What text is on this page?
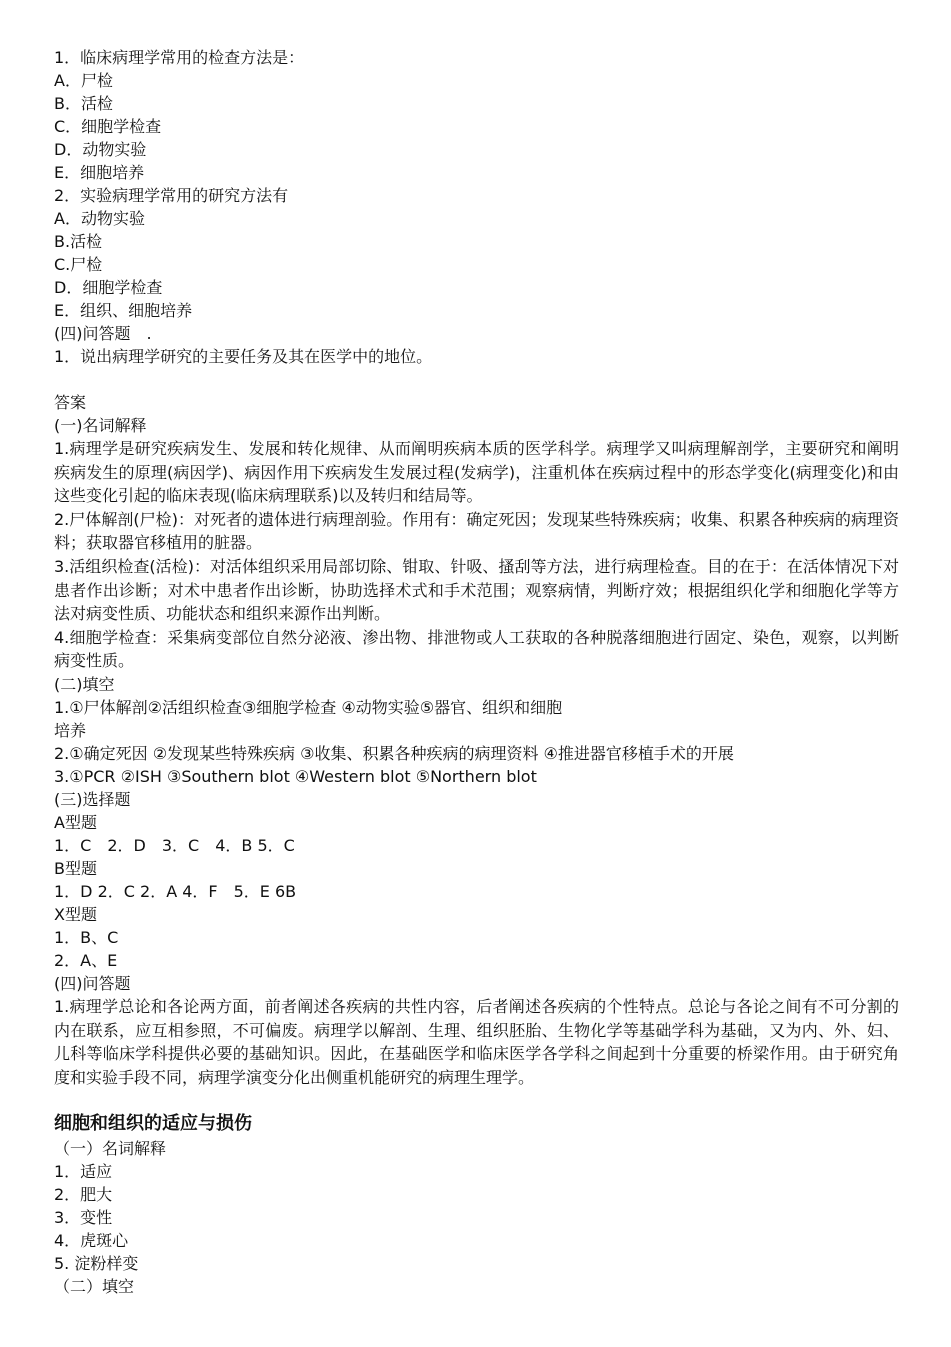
1．临床病理学常用的检查方法是：

A．尸检

B．活检

C．细胞学检查

D．动物实验

E．细胞培养

2．实验病理学常用的研究方法有

A．动物实验

B.活检

C.尸检

D．细胞学检查

E．组织、细胞培养

(四)问答题　.

1．说出病理学研究的主要任务及其在医学中的地位。

答案

(一)名词解释

1.病理学是研究疾病发生、发展和转化规律、从而阐明疾病本质的医学科学。病理学又叫病理解剖学，主要研究和阐明疾病发生的原理(病因学)、病因作用下疾病发生发展过程(发病学)，注重机体在疾病过程中的形态学变化(病理变化)和由这些变化引起的临床表现(临床病理联系)以及转归和结局等。

2.尸体解剖(尸检)：对死者的遗体进行病理剖验。作用有：确定死因；发现某些特殊疾病；收集、积累各种疾病的病理资料；获取器官移植用的脏器。

3.活组织检查(活检)：对活体组织采用局部切除、钳取、针吸、搔刮等方法，进行病理检查。目的在于：在活体情况下对患者作出诊断；对术中患者作出诊断，协助选择术式和手术范围；观察病情，判断疗效；根据组织化学和细胞化学等方法对病变性质、功能状态和组织来源作出判断。

4.细胞学检查：采集病变部位自然分泌液、渗出物、排泄物或人工获取的各种脱落细胞进行固定、染色，观察，以判断病变性质。

(二)填空

1.①尸体解剖②活组织检查③细胞学检查 ④动物实验⑤器官、组织和细胞

培养

2.①确定死因 ②发现某些特殊疾病 ③收集、积累各种疾病的病理资料 ④推进器官移植手术的开展

3.①PCR ②ISH ③Southern blot ④Western blot ⑤Northern blot

(三)选择题

A型题

1．C　2．D　3．C　4．B 5．C

B型题

1．D 2．C 2．A 4．F　5．E 6B

X型题

1．B、C

2．A、E

(四)问答题

1.病理学总论和各论两方面，前者阐述各疾病的共性内容，后者阐述各疾病的个性特点。总论与各论之间有不可分割的内在联系，应互相参照，不可偏废。病理学以解剖、生理、组织胚胎、生物化学等基础学科为基础，又为内、外、妇、儿科等临床学科提供必要的基础知识。因此，在基础医学和临床医学各学科之间起到十分重要的桥梁作用。由于研究角度和实验手段不同，病理学演变分化出侧重机能研究的病理生理学。

细胞和组织的适应与损伤

（一）名词解释

1．适应

2．肥大

3．变性

4．虎斑心

5. 淀粉样变

（二）填空
